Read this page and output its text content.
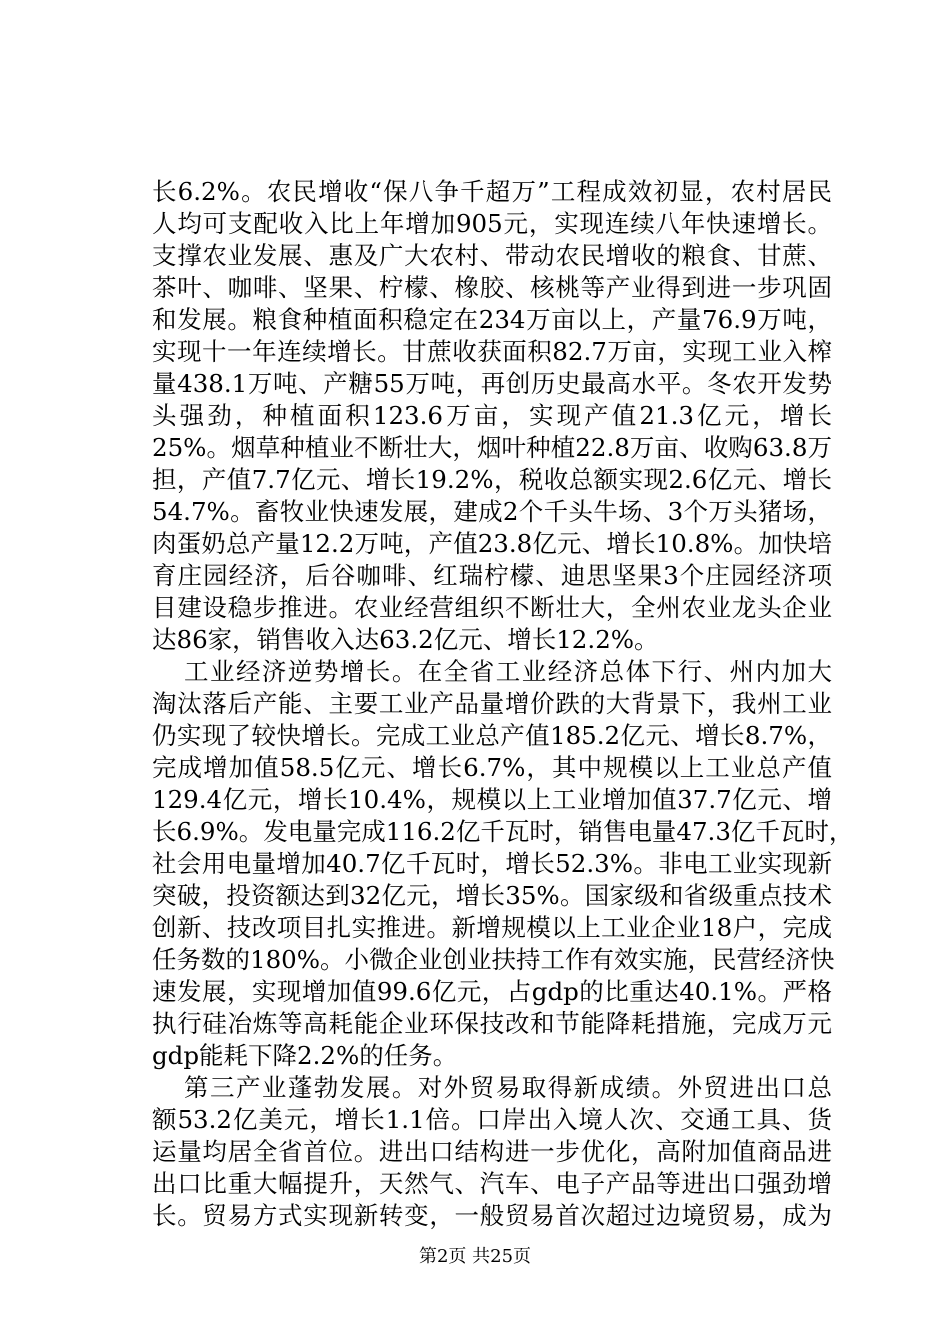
长6.2%。农民增收“保八争千超万”工程成效初显，农村居民
人均可支配收入比上年增加905元，实现连续八年快速增长。
支撑农业发展、惠及广大农村、带动农民增收的粮食、甘蔗、
茶叶、咖啡、坚果、柠檬、橡胶、核桃等产业得到进一步巩固
和发展。粮食种植面积稳定在234万亩以上，产量76.9万吨，
实现十一年连续增长。甘蔗收获面积82.7万亩，实现工业入榨
量438.1万吨、产糖55万吨，再创历史最高水平。冬农开发势
头强劲，种植面积123.6万亩，实现产值21.3亿元，增长
25%。烟草种植业不断壮大，烟叶种植22.8万亩、收购63.8万
担，产值7.7亿元、增长19.2%，税收总额实现2.6亿元、增长
54.7%。畜牧业快速发展，建成2个千头牛场、3个万头猪场，
肉蛋奶总产量12.2万吨，产值23.8亿元、增长10.8%。加快培
育庄园经济，后谷咖啡、红瑞柠檬、迪思坚果3个庄园经济项
目建设稳步推进。农业经营组织不断壮大，全州农业龙头企业
达86家，销售收入达63.2亿元、增长12.2%。
工业经济逆势增长。在全省工业经济总体下行、州内加大
淘汰落后产能、主要工业产品量增价跌的大背景下，我州工业
仍实现了较快增长。完成工业总产值185.2亿元、增长8.7%，
完成增加值58.5亿元、增长6.7%，其中规模以上工业总产值
129.4亿元，增长10.4%，规模以上工业增加值37.7亿元、增
长6.9%。发电量完成116.2亿千瓦时，销售电量47.3亿千瓦时，
社会用电量增加40.7亿千瓦时，增长52.3%。非电工业实现新
突破，投资额达到32亿元，增长35%。国家级和省级重点技术
创新、技改项目扎实推进。新增规模以上工业企业18户，完成
任务数的180%。小微企业创业扶持工作有效实施，民营经济快
速发展，实现增加值99.6亿元，占gdp的比重达40.1%。严格
执行硅冶炼等高耗能企业环保技改和节能降耗措施，完成万元
gdp能耗下降2.2%的任务。
第三产业蓬勃发展。对外贸易取得新成绩。外贸进出口总
额53.2亿美元，增长1.1倍。口岸出入境人次、交通工具、货
运量均居全省首位。进出口结构进一步优化，高附加值商品进
出口比重大幅提升，天然气、汽车、电子产品等进出口强劲增
长。贸易方式实现新转变，一般贸易首次超过边境贸易，成为
第2页 共25页
